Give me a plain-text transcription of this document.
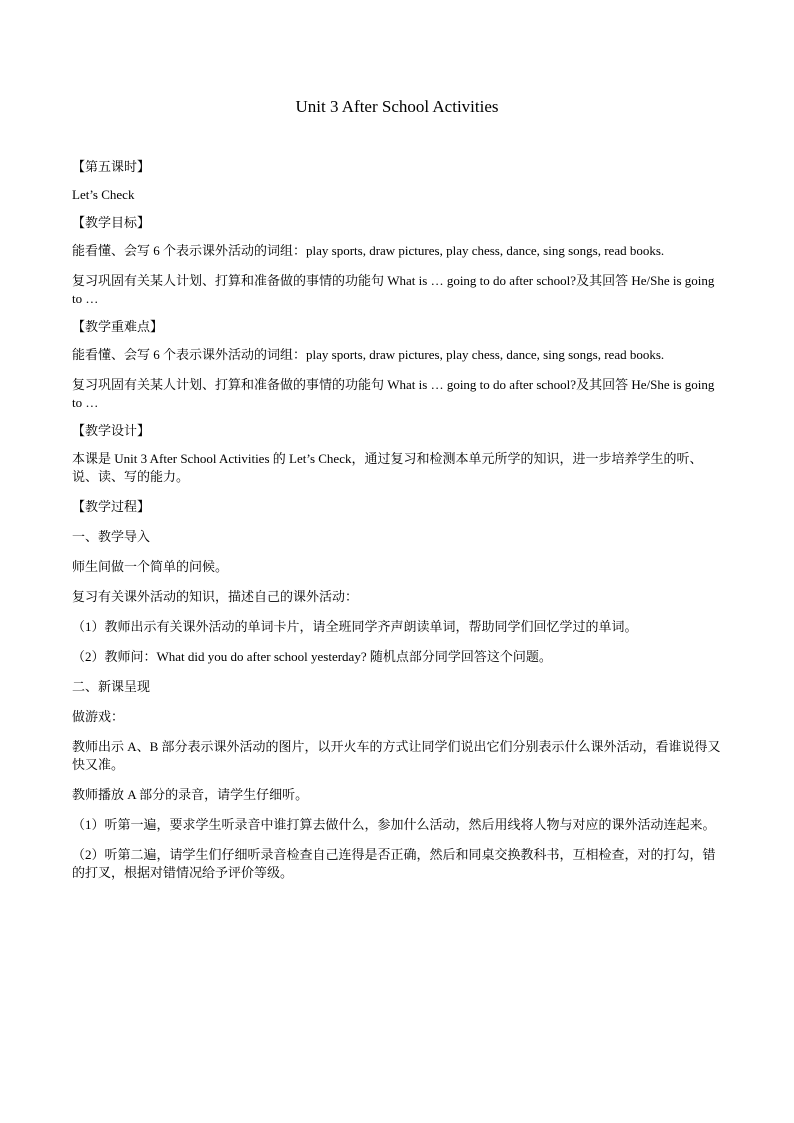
Unit 3 After School Activities

【第五课时】

Let’s Check

【教学目标】

能看懂、会写 6 个表示课外活动的词组：play sports, draw pictures, play chess, dance, sing songs, read books.

复习巩固有关某人计划、打算和准备做的事情的功能句 What is … going to do after school?及其回答 He/She is going to …

【教学重难点】

能看懂、会写 6 个表示课外活动的词组：play sports, draw pictures, play chess, dance, sing songs, read books.

复习巩固有关某人计划、打算和准备做的事情的功能句 What is … going to do after school?及其回答 He/She is going to …

【教学设计】

本课是 Unit 3 After School Activities 的 Let’s Check，通过复习和检测本单元所学的知识，进一步培养学生的听、说、读、写的能力。

【教学过程】

一、教学导入

师生间做一个简单的问候。

复习有关课外活动的知识，描述自己的课外活动：

（1）教师出示有关课外活动的单词卡片，请全班同学齐声朗读单词，帮助同学们回忆学过的单词。

（2）教师问：What did you do after school yesterday? 随机点部分同学回答这个问题。

二、新课呈现

做游戏：

教师出示 A、B 部分表示课外活动的图片，以开火车的方式让同学们说出它们分别表示什么课外活动，看谁说得又快又准。

教师播放 A 部分的录音，请学生仔细听。

（1）听第一遍，要求学生听录音中谁打算去做什么，参加什么活动，然后用线将人物与对应的课外活动连起来。

（2）听第二遍，请学生们仔细听录音检查自己连得是否正确，然后和同桌交换教科书，互相检查，对的打勾，错的打叉，根据对错情况给予评价等级。
